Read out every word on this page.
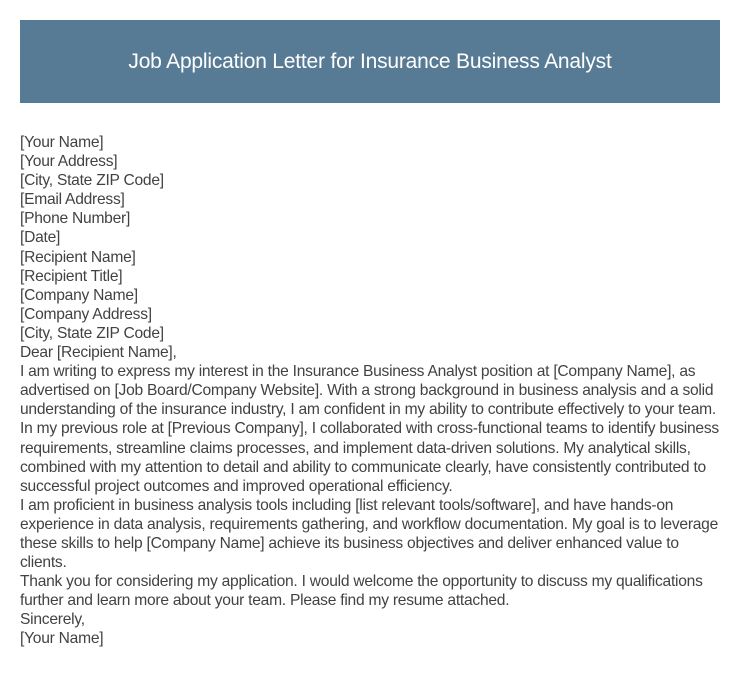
Job Application Letter for Insurance Business Analyst
[Your Name]
[Your Address]
[City, State ZIP Code]
[Email Address]
[Phone Number]
[Date]
[Recipient Name]
[Recipient Title]
[Company Name]
[Company Address]
[City, State ZIP Code]
Dear [Recipient Name],
I am writing to express my interest in the Insurance Business Analyst position at [Company Name], as advertised on [Job Board/Company Website]. With a strong background in business analysis and a solid understanding of the insurance industry, I am confident in my ability to contribute effectively to your team.
In my previous role at [Previous Company], I collaborated with cross-functional teams to identify business requirements, streamline claims processes, and implement data-driven solutions. My analytical skills, combined with my attention to detail and ability to communicate clearly, have consistently contributed to successful project outcomes and improved operational efficiency.
I am proficient in business analysis tools including [list relevant tools/software], and have hands-on experience in data analysis, requirements gathering, and workflow documentation. My goal is to leverage these skills to help [Company Name] achieve its business objectives and deliver enhanced value to clients.
Thank you for considering my application. I would welcome the opportunity to discuss my qualifications further and learn more about your team. Please find my resume attached.
Sincerely,
[Your Name]
